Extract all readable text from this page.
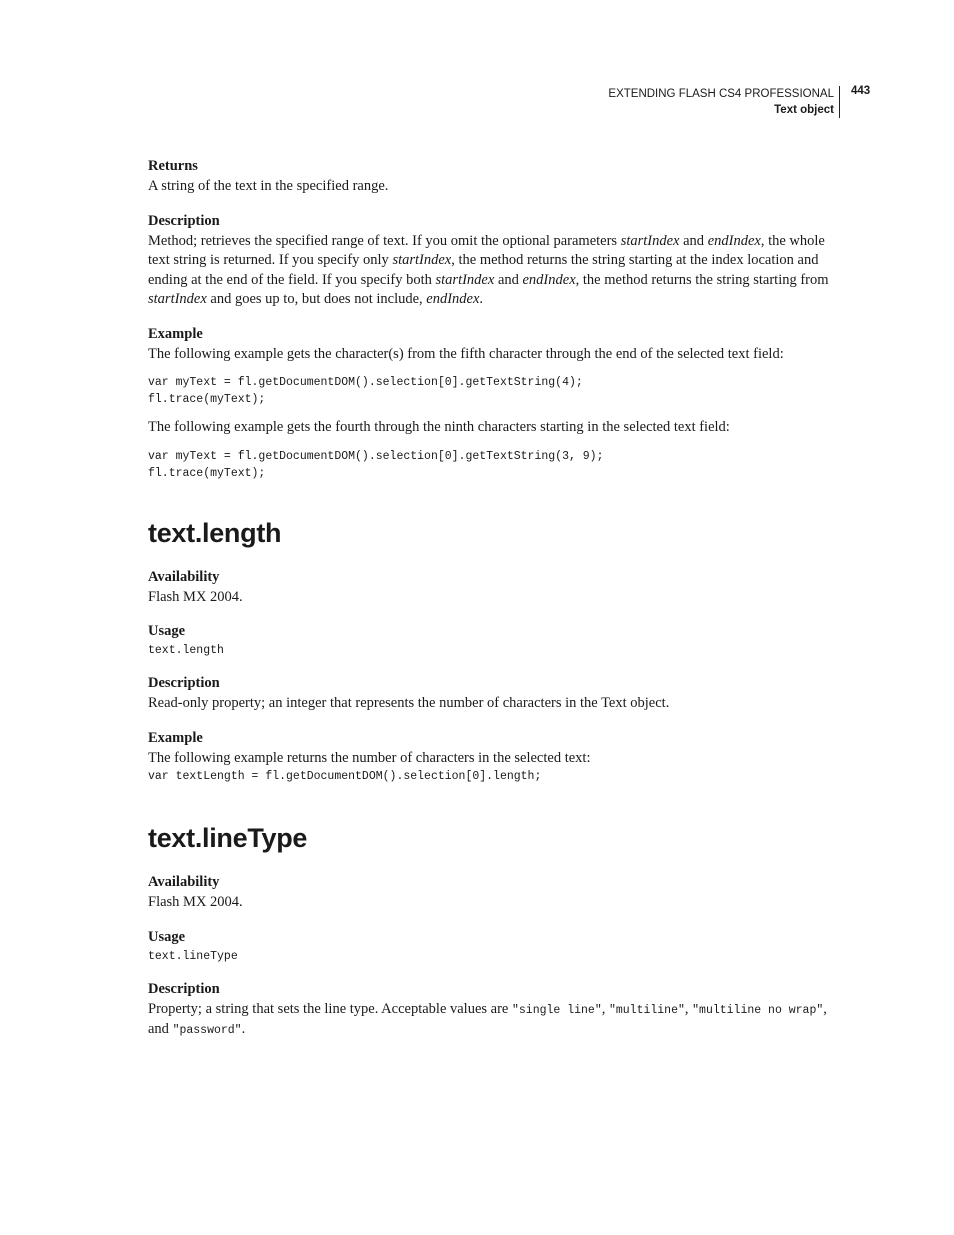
EXTENDING FLASH CS4 PROFESSIONAL
Text object
443

Returns

A string of the text in the specified range.

Description

Method; retrieves the specified range of text. If you omit the optional parameters startIndex and endIndex, the whole text string is returned. If you specify only startIndex, the method returns the string starting at the index location and ending at the end of the field. If you specify both startIndex and endIndex, the method returns the string starting from startIndex and goes up to, but does not include, endIndex.

Example

The following example gets the character(s) from the fifth character through the end of the selected text field:

var myText = fl.getDocumentDOM().selection[0].getTextString(4);

fl.trace(myText);

The following example gets the fourth through the ninth characters starting in the selected text field:

var myText = fl.getDocumentDOM().selection[0].getTextString(3, 9);

fl.trace(myText);

text.length

Availability

Flash MX 2004.

Usage

text.length

Description

Read-only property; an integer that represents the number of characters in the Text object.

Example

The following example returns the number of characters in the selected text:

var textLength = fl.getDocumentDOM().selection[0].length;

text.lineType

Availability

Flash MX 2004.

Usage

text.lineType

Description

Property; a string that sets the line type. Acceptable values are "single line", "multiline", "multiline no wrap", and "password".
